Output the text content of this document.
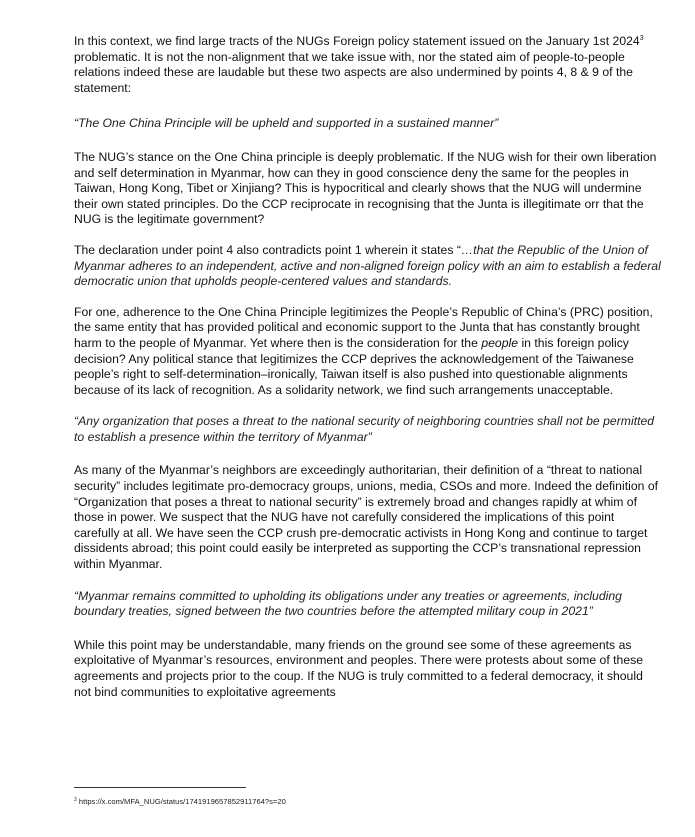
In this context, we find large tracts of the NUGs Foreign policy statement issued on the January 1st 2024$^3$ problematic. It is not the non-alignment that we take issue with, nor the stated aim of people-to-people relations indeed these are laudable but these two aspects are also undermined by points 4, 8 & 9 of the statement:

“The One China Principle will be upheld and supported in a sustained manner”

The NUG’s stance on the One China principle is deeply problematic. If the NUG wish for their own liberation and self determination in Myanmar, how can they in good conscience deny the same for the peoples in Taiwan, Hong Kong, Tibet or Xinjiang? This is hypocritical and clearly shows that the NUG will undermine their own stated principles. Do the CCP reciprocate in recognising that the Junta is illegitimate orr that the NUG is the legitimate government?

The declaration under point 4 also contradicts point 1 wherein it states “…that the Republic of the Union of Myanmar adheres to an independent, active and non-aligned foreign policy with an aim to establish a federal democratic union that upholds people-centered values and standards.

For one, adherence to the One China Principle legitimizes the People’s Republic of China’s (PRC) position, the same entity that has provided political and economic support to the Junta that has constantly brought harm to the people of Myanmar. Yet where then is the consideration for the people in this foreign policy decision? Any political stance that legitimizes the CCP deprives the acknowledgement of the Taiwanese people’s right to self-determination–ironically, Taiwan itself is also pushed into questionable alignments because of its lack of recognition. As a solidarity network, we find such arrangements unacceptable.

“Any organization that poses a threat to the national security of neighboring countries shall not be permitted to establish a presence within the territory of Myanmar”

As many of the Myanmar’s neighbors are exceedingly authoritarian, their definition of a “threat to national security” includes legitimate pro-democracy groups, unions, media, CSOs and more. Indeed the definition of “Organization that poses a threat to national security” is extremely broad and changes rapidly at whim of those in power. We suspect that the NUG have not carefully considered the implications of this point carefully at all. We have seen the CCP crush pre-democratic activists in Hong Kong and continue to target dissidents abroad; this point could easily be interpreted as supporting the CCP’s transnational repression within Myanmar.

“Myanmar remains committed to upholding its obligations under any treaties or agreements, including boundary treaties, signed between the two countries before the attempted military coup in 2021”

While this point may be understandable, many friends on the ground see some of these agreements as exploitative of Myanmar’s resources, environment and peoples. There were protests about some of these agreements and projects prior to the coup. If the NUG is truly committed to a federal democracy, it should not bind communities to exploitative agreements

$^3$ https://x.com/MFA_NUG/status/1741919657852911764?s=20
